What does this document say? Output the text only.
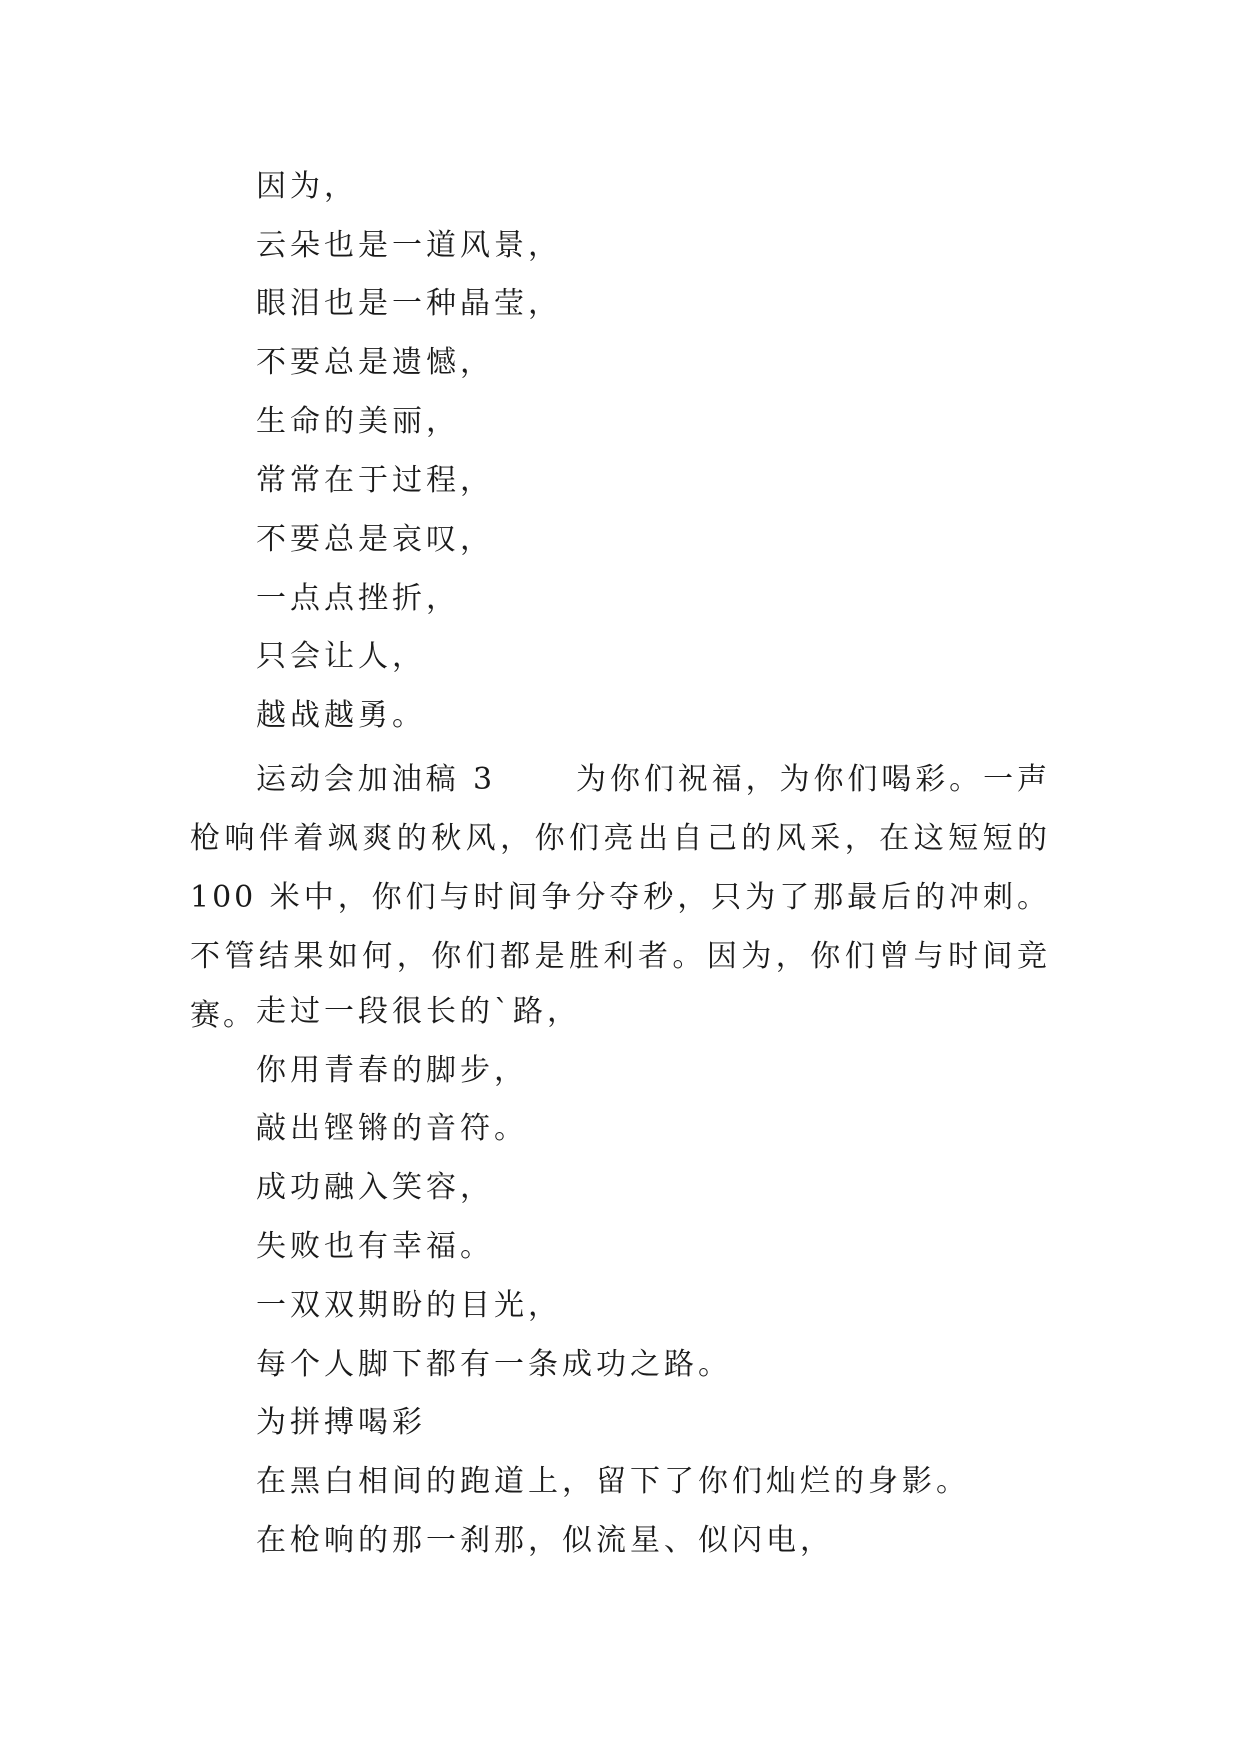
因为，
云朵也是一道风景，
眼泪也是一种晶莹，
不要总是遗憾，
生命的美丽，
常常在于过程，
不要总是哀叹，
一点点挫折，
只会让人，
越战越勇。
运动会加油稿 3	为你们祝福，为你们喝彩。一声枪响伴着飒爽的秋风，你们亮出自己的风采，在这短短的 100 米中，你们与时间争分夺秒，只为了那最后的冲刺。不管结果如何，你们都是胜利者。因为，你们曾与时间竞赛。 走过一段很长的`路，
你用青春的脚步，
敲出铿锵的音符。
成功融入笑容，
失败也有幸福。
一双双期盼的目光，
每个人脚下都有一条成功之路。
为拼搏喝彩
在黑白相间的跑道上，留下了你们灿烂的身影。
在枪响的那一刹那，似流星、似闪电，
